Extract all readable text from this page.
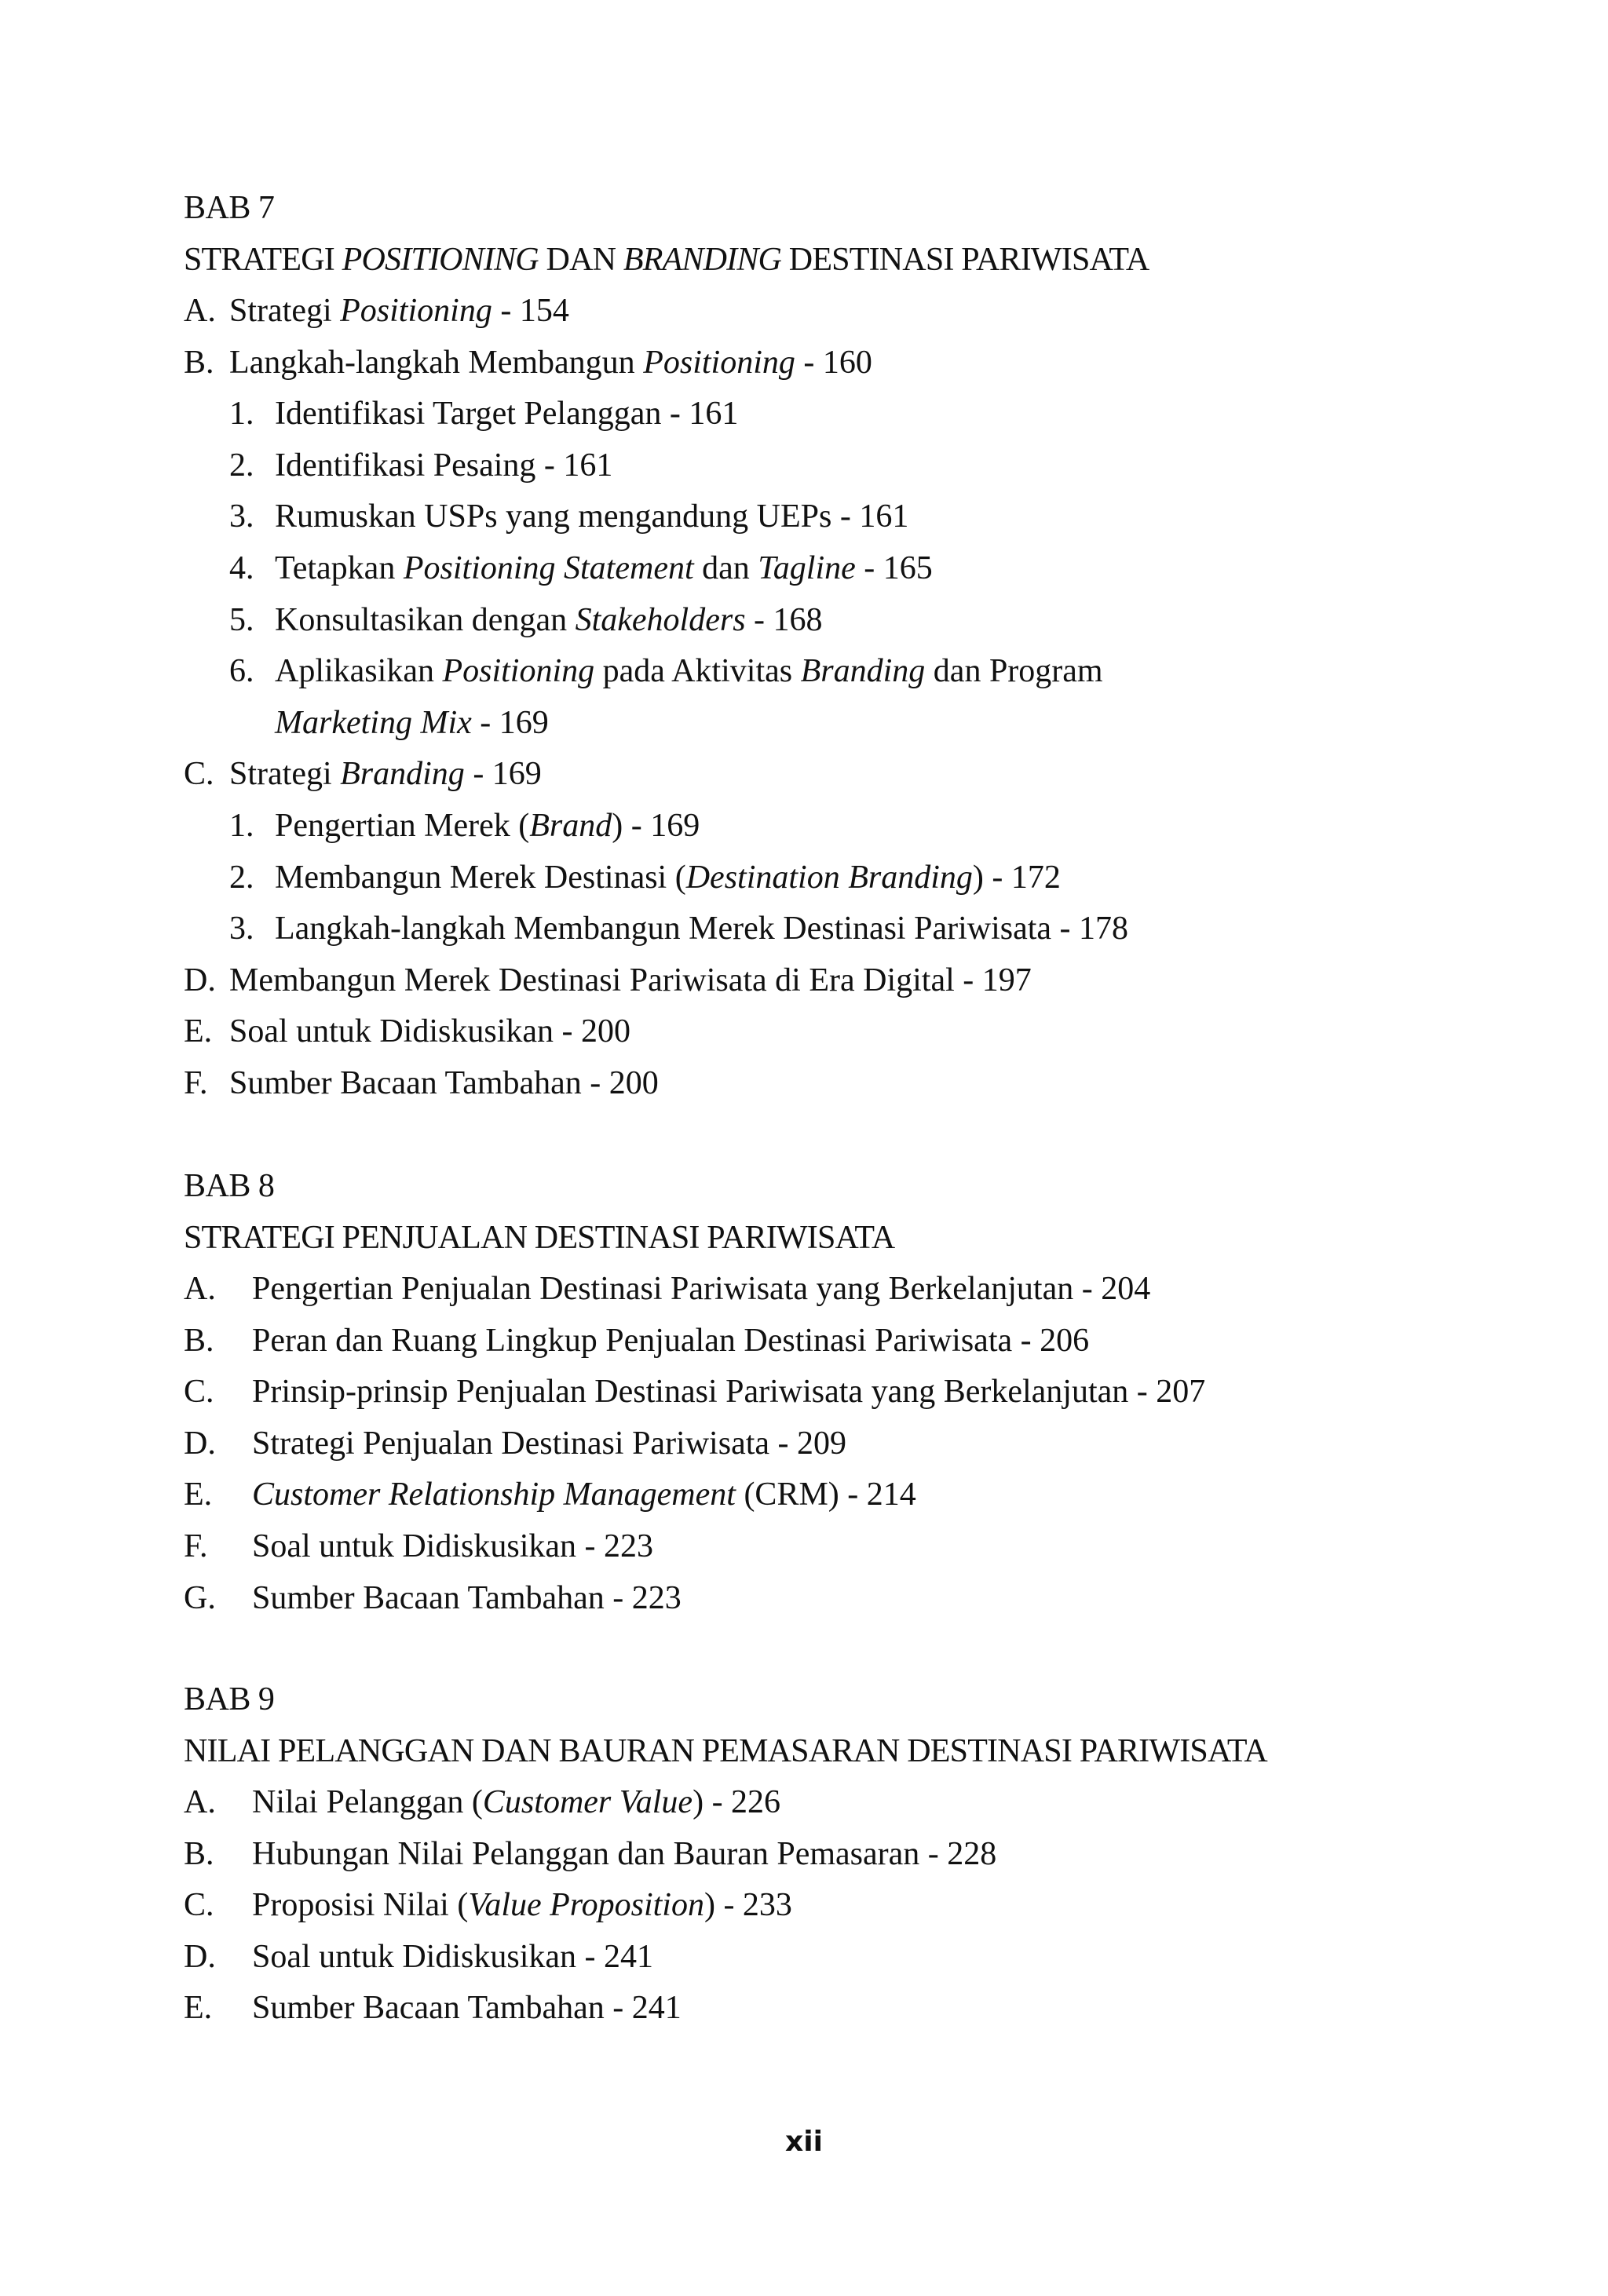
BAB 7
STRATEGI POSITIONING DAN BRANDING DESTINASI PARIWISATA
A. Strategi Positioning - 154
B. Langkah-langkah Membangun Positioning - 160
1. Identifikasi Target Pelanggan - 161
2. Identifikasi Pesaing - 161
3. Rumuskan USPs yang mengandung UEPs - 161
4. Tetapkan Positioning Statement dan Tagline - 165
5. Konsultasikan dengan Stakeholders - 168
6. Aplikasikan Positioning pada Aktivitas Branding dan Program
Marketing Mix - 169
C. Strategi Branding - 169
1. Pengertian Merek (Brand) - 169
2. Membangun Merek Destinasi (Destination Branding) - 172
3. Langkah-langkah Membangun Merek Destinasi Pariwisata - 178
D. Membangun Merek Destinasi Pariwisata di Era Digital - 197
E. Soal untuk Didiskusikan - 200
F. Sumber Bacaan Tambahan - 200
BAB 8
STRATEGI PENJUALAN DESTINASI PARIWISATA
A. Pengertian Penjualan Destinasi Pariwisata yang Berkelanjutan - 204
B. Peran dan Ruang Lingkup Penjualan Destinasi Pariwisata - 206
C. Prinsip-prinsip Penjualan Destinasi Pariwisata yang Berkelanjutan - 207
D. Strategi Penjualan Destinasi Pariwisata - 209
E. Customer Relationship Management (CRM) - 214
F. Soal untuk Didiskusikan - 223
G. Sumber Bacaan Tambahan - 223
BAB 9
NILAI PELANGGAN DAN BAURAN PEMASARAN DESTINASI PARIWISATA
A. Nilai Pelanggan (Customer Value) - 226
B. Hubungan Nilai Pelanggan dan Bauran Pemasaran - 228
C. Proposisi Nilai (Value Proposition) - 233
D. Soal untuk Didiskusikan - 241
E. Sumber Bacaan Tambahan - 241
xii
